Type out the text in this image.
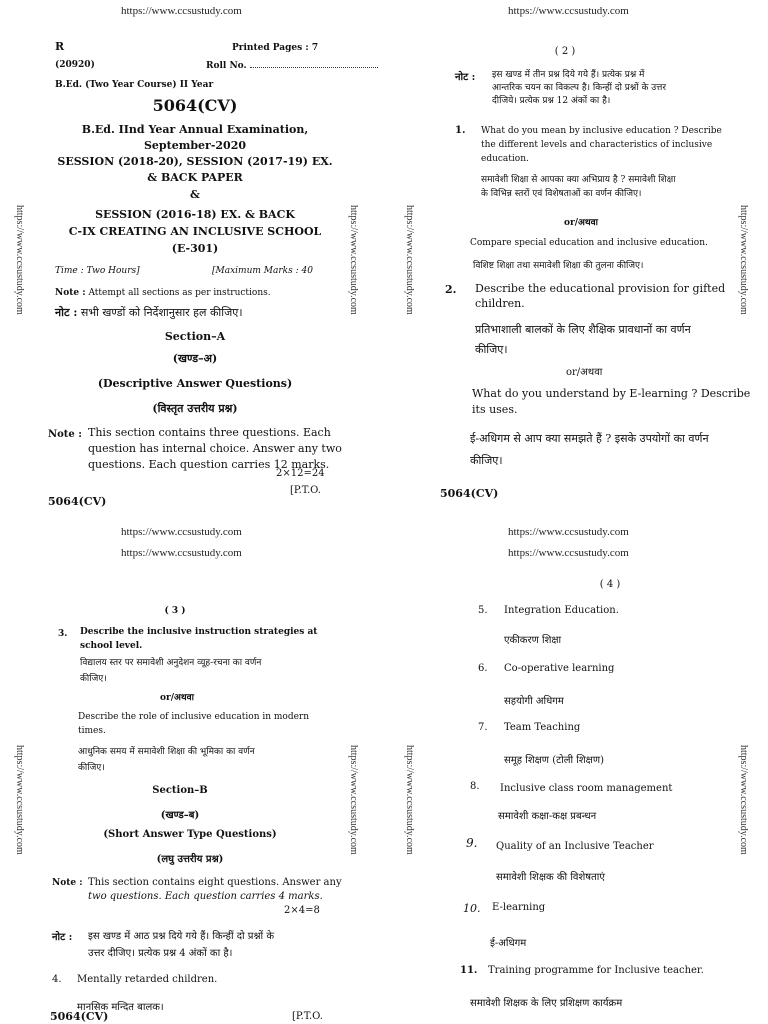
https://www.ccsustudy.com	https://www.ccsustudy.com
https://www.ccsustudy.com
https://www.ccsustudy.com
https://www.ccsustudy.com
https://www.ccsustudy.com
https://www.ccsustudy.com	https://www.ccsustudy.com	https://www.ccsustudy.com	https://www.ccsustudy.com
https://www.ccsustudy.com	https://www.ccsustudy.com	https://www.ccsustudy.com	https://www.ccsustudy.com
R	Printed Pages : 7
(20920)	Roll No.
B.Ed. (Two Year Course) II Year
5064(CV)
B.Ed. IInd Year Annual Examination,
September-2020
SESSION (2018-20), SESSION (2017-19) EX.
& BACK PAPER
&
SESSION (2016-18) EX. & BACK
C-IX CREATING AN INCLUSIVE SCHOOL
(E-301)
Time : Two Hours]	[Maximum Marks : 40
Note : Attempt all sections as per instructions.
नोट : सभी खण्डों को निर्देशानुसार हल कीजिए।
Section–A
(खण्ड–अ)
(Descriptive Answer Questions)
(विस्तृत उत्तरीय प्रश्न)
Note : This section contains three questions. Each
question has internal choice. Answer any two
questions. Each question carries 12 marks.
2×12=24
[P.T.O.
5064(CV)
( 2 )
नोट : इस खण्ड में तीन प्रश्न दिये गये हैं। प्रत्येक प्रश्न में
आन्तरिक चयन का विकल्प है। किन्हीं दो प्रश्नों के उत्तर
दीजिये। प्रत्येक प्रश्न 12 अंकों का है।
1. What do you mean by inclusive education ? Describe
the different levels and characteristics of inclusive
education.
समावेशी शिक्षा से आपका क्या अभिप्राय है ? समावेशी शिक्षा
के विभिन्न स्तरों एवं विशेषताओं का वर्णन कीजिए।
or/अथवा
Compare special education and inclusive education.
विशिष्ट शिक्षा तथा समावेशी शिक्षा की तुलना कीजिए।
2. Describe the educational provision for gifted
children.
प्रतिभाशाली बालकों के लिए शैक्षिक प्रावधानों का वर्णन
कीजिए।
or/अथवा
What do you understand by E-learning ? Describe
its uses.
ई-अधिगम से आप क्या समझते हैं ? इसके उपयोगों का वर्णन
कीजिए।
5064(CV)
( 3 )
3. Describe the inclusive instruction strategies at
school level.
विद्यालय स्तर पर समावेशी अनुदेशन व्यूह-रचना का वर्णन
कीजिए।
or/अथवा
Describe the role of inclusive education in modern
times.
आधुनिक समय में समावेशी शिक्षा की भूमिका का वर्णन
कीजिए।
Section–B
(खण्ड–ब)
(Short Answer Type Questions)
(लघु उत्तरीय प्रश्न)
Note : This section contains eight questions. Answer any
two questions. Each question carries 4 marks.
2×4=8
नोट : इस खण्ड में आठ प्रश्न दिये गये हैं। किन्हीं दो प्रश्नों के
उत्तर दीजिए। प्रत्येक प्रश्न 4 अंकों का है।
4. Mentally retarded children.
मानसिक मन्दित बालक।
5064(CV)	[P.T.O.
( 4 )
5. Integration Education.
एकीकरण शिक्षा
6. Co-operative learning
सहयोगी अधिगम
7. Team Teaching
समूह शिक्षण (टोली शिक्षण)
8. Inclusive class room management
समावेशी कक्षा-कक्ष प्रबन्धन
9. Quality of an Inclusive Teacher
समावेशी शिक्षक की विशेषताएं
10. E-learning
ई-अधिगम
11. Training programme for Inclusive teacher.
समावेशी शिक्षक के लिए प्रशिक्षण कार्यक्रम
